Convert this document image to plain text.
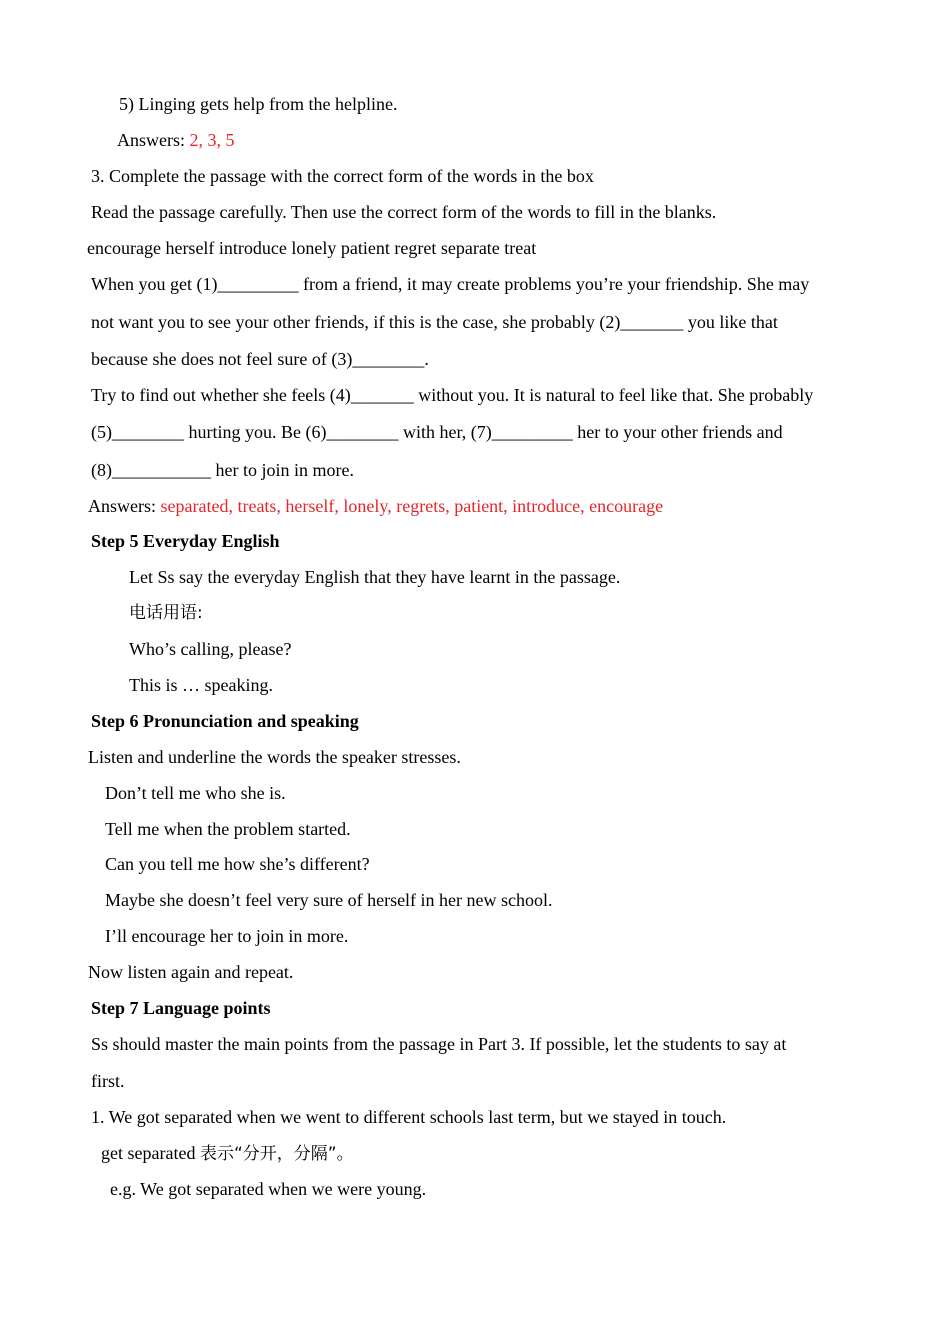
5) Linging gets help from the helpline.
Answers: 2, 3, 5
3. Complete the passage with the correct form of the words in the box
Read the passage carefully. Then use the correct form of the words to fill in the blanks.
encourage herself introduce lonely patient regret separate treat
When you get (1)_________ from a friend, it may create problems you’re your friendship. She may
not want you to see your other friends, if this is the case, she probably (2)_______ you like that
because she does not feel sure of (3)________.
Try to find out whether she feels (4)_______ without you. It is natural to feel like that. She probably
(5)________ hurting you. Be (6)________ with her, (7)_________ her to your other friends and
(8)___________ her to join in more.
Answers: separated, treats, herself, lonely, regrets, patient, introduce, encourage
Step 5 Everyday English
Let Ss say the everyday English that they have learnt in the passage.
电话用语:
Who’s calling, please?
This is … speaking.
Step 6 Pronunciation and speaking
Listen and underline the words the speaker stresses.
Don’t tell me who she is.
Tell me when the problem started.
Can you tell me how she’s different?
Maybe she doesn’t feel very sure of herself in her new school.
I’ll encourage her to join in more.
Now listen again and repeat.
Step 7 Language points
Ss should master the main points from the passage in Part 3. If possible, let the students to say at
first.
1. We got separated when we went to different schools last term, but we stayed in touch.
get separated 表示“分开，分隔”。
e.g. We got separated when we were young.
